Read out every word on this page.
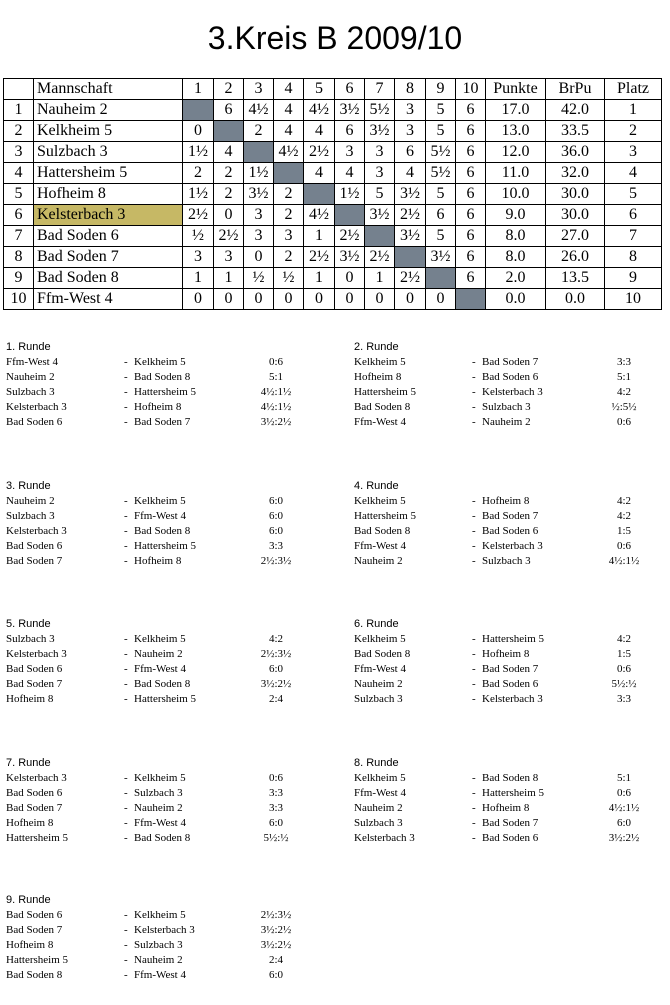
3.Kreis B 2009/10
	Mannschaft	1	2	3	4	5	6	7	8	9	10	Punkte	BrPu	Platz
1	Nauheim 2		6	4½	4	4½	3½	5½	3	5	6	17.0	42.0	1
2	Kelkheim 5	0		2	4	4	6	3½	3	5	6	13.0	33.5	2
3	Sulzbach 3	1½	4		4½	2½	3	3	6	5½	6	12.0	36.0	3
4	Hattersheim 5	2	2	1½		4	4	3	4	5½	6	11.0	32.0	4
5	Hofheim 8	1½	2	3½	2		1½	5	3½	5	6	10.0	30.0	5
6	Kelsterbach 3	2½	0	3	2	4½		3½	2½	6	6	9.0	30.0	6
7	Bad Soden 6	½	2½	3	3	1	2½		3½	5	6	8.0	27.0	7
8	Bad Soden 7	3	3	0	2	2½	3½	2½		3½	6	8.0	26.0	8
9	Bad Soden 8	1	1	½	½	1	0	1	2½		6	2.0	13.5	9
10	Ffm-West 4	0	0	0	0	0	0	0	0	0		0.0	0.0	10
1. Runde
Ffm-West 4	- Kelkheim 5	0:6
Nauheim 2	- Bad Soden 8	5:1
Sulzbach 3	- Hattersheim 5	4½:1½
Kelsterbach 3	- Hofheim 8	4½:1½
Bad Soden 6	- Bad Soden 7	3½:2½
2. Runde
Kelkheim 5	- Bad Soden 7	3:3
Hofheim 8	- Bad Soden 6	5:1
Hattersheim 5	- Kelsterbach 3	4:2
Bad Soden 8	- Sulzbach 3	½:5½
Ffm-West 4	- Nauheim 2	0:6
3. Runde
Nauheim 2	- Kelkheim 5	6:0
Sulzbach 3	- Ffm-West 4	6:0
Kelsterbach 3	- Bad Soden 8	6:0
Bad Soden 6	- Hattersheim 5	3:3
Bad Soden 7	- Hofheim 8	2½:3½
4. Runde
Kelkheim 5	- Hofheim 8	4:2
Hattersheim 5	- Bad Soden 7	4:2
Bad Soden 8	- Bad Soden 6	1:5
Ffm-West 4	- Kelsterbach 3	0:6
Nauheim 2	- Sulzbach 3	4½:1½
5. Runde
Sulzbach 3	- Kelkheim 5	4:2
Kelsterbach 3	- Nauheim 2	2½:3½
Bad Soden 6	- Ffm-West 4	6:0
Bad Soden 7	- Bad Soden 8	3½:2½
Hofheim 8	- Hattersheim 5	2:4
6. Runde
Kelkheim 5	- Hattersheim 5	4:2
Bad Soden 8	- Hofheim 8	1:5
Ffm-West 4	- Bad Soden 7	0:6
Nauheim 2	- Bad Soden 6	5½:½
Sulzbach 3	- Kelsterbach 3	3:3
7. Runde
Kelsterbach 3	- Kelkheim 5	0:6
Bad Soden 6	- Sulzbach 3	3:3
Bad Soden 7	- Nauheim 2	3:3
Hofheim 8	- Ffm-West 4	6:0
Hattersheim 5	- Bad Soden 8	5½:½
8. Runde
Kelkheim 5	- Bad Soden 8	5:1
Ffm-West 4	- Hattersheim 5	0:6
Nauheim 2	- Hofheim 8	4½:1½
Sulzbach 3	- Bad Soden 7	6:0
Kelsterbach 3	- Bad Soden 6	3½:2½
9. Runde
Bad Soden 6	- Kelkheim 5	2½:3½
Bad Soden 7	- Kelsterbach 3	3½:2½
Hofheim 8	- Sulzbach 3	3½:2½
Hattersheim 5	- Nauheim 2	2:4
Bad Soden 8	- Ffm-West 4	6:0
